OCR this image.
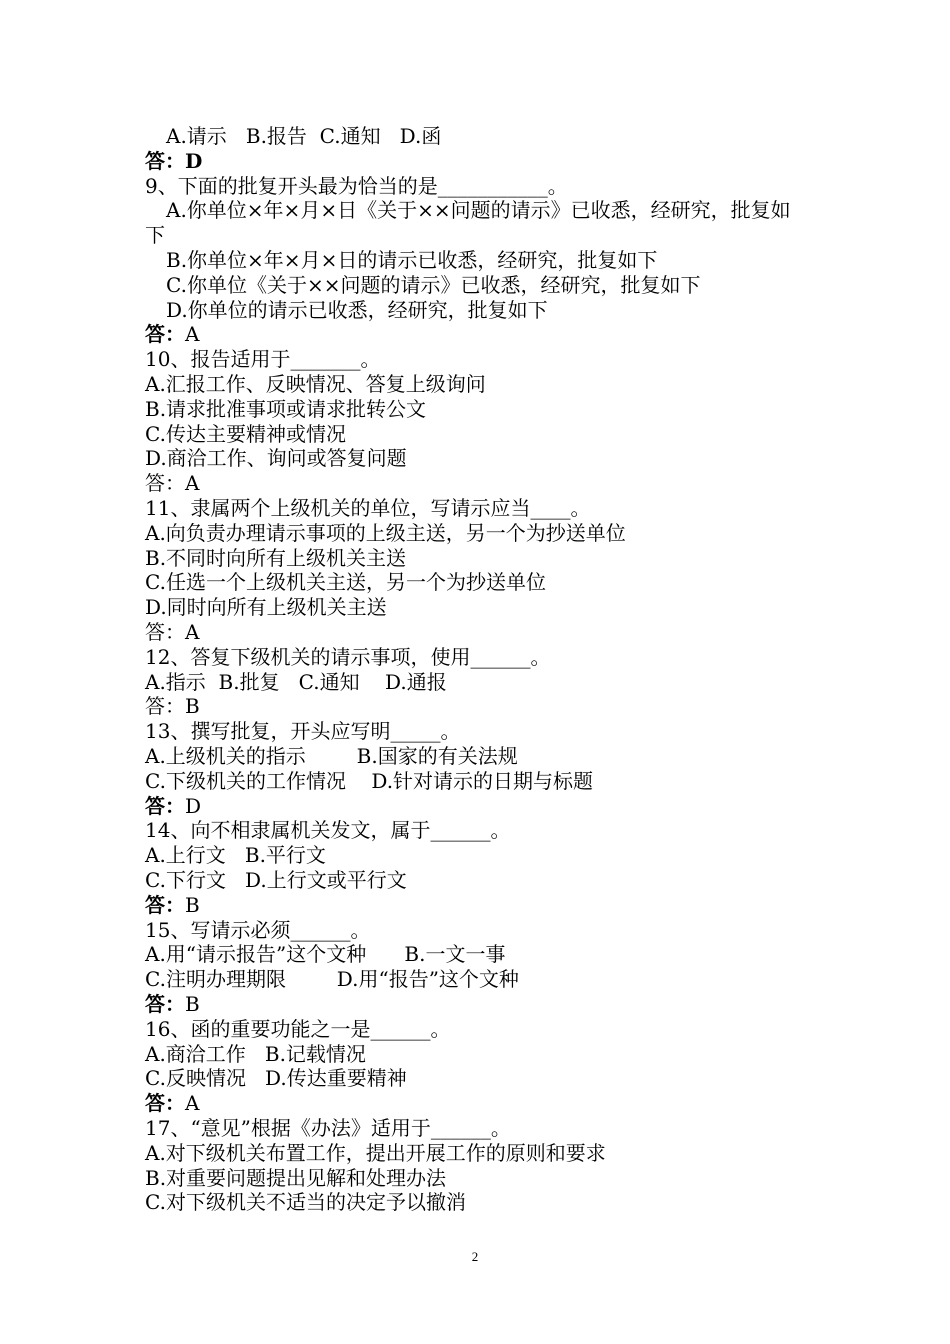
A.请示   B.报告  C.通知   D.函

答：D

9、下面的批复开头最为恰当的是___________。

A.你单位×年×月×日《关于××问题的请示》已收悉，经研究，批复如

下

B.你单位×年×月×日的请示已收悉，经研究，批复如下

C.你单位《关于××问题的请示》已收悉，经研究，批复如下

D.你单位的请示已收悉，经研究，批复如下

答：A

10、报告适用于_______。

A.汇报工作、反映情况、答复上级询问

B.请求批准事项或请求批转公文

C.传达主要精神或情况

D.商洽工作、询问或答复问题

答：A

11、隶属两个上级机关的单位，写请示应当____。

A.向负责办理请示事项的上级主送，另一个为抄送单位

B.不同时向所有上级机关主送

C.任选一个上级机关主送，另一个为抄送单位

D.同时向所有上级机关主送

答：A

12、答复下级机关的请示事项，使用______。

A.指示  B.批复   C.通知    D.通报

答：B

13、撰写批复，开头应写明_____。

A.上级机关的指示        B.国家的有关法规

C.下级机关的工作情况    D.针对请示的日期与标题

答：D

14、向不相隶属机关发文，属于______。

A.上行文   B.平行文

C.下行文   D.上行文或平行文

答：B

15、写请示必须______。

A.用“请示报告”这个文种      B.一文一事

C.注明办理期限        D.用“报告”这个文种

答：B

16、函的重要功能之一是______。

A.商洽工作   B.记载情况

C.反映情况   D.传达重要精神

答：A

17、“意见”根据《办法》适用于______。

A.对下级机关布置工作，提出开展工作的原则和要求

B.对重要问题提出见解和处理办法

C.对下级机关不适当的决定予以撤消

2
